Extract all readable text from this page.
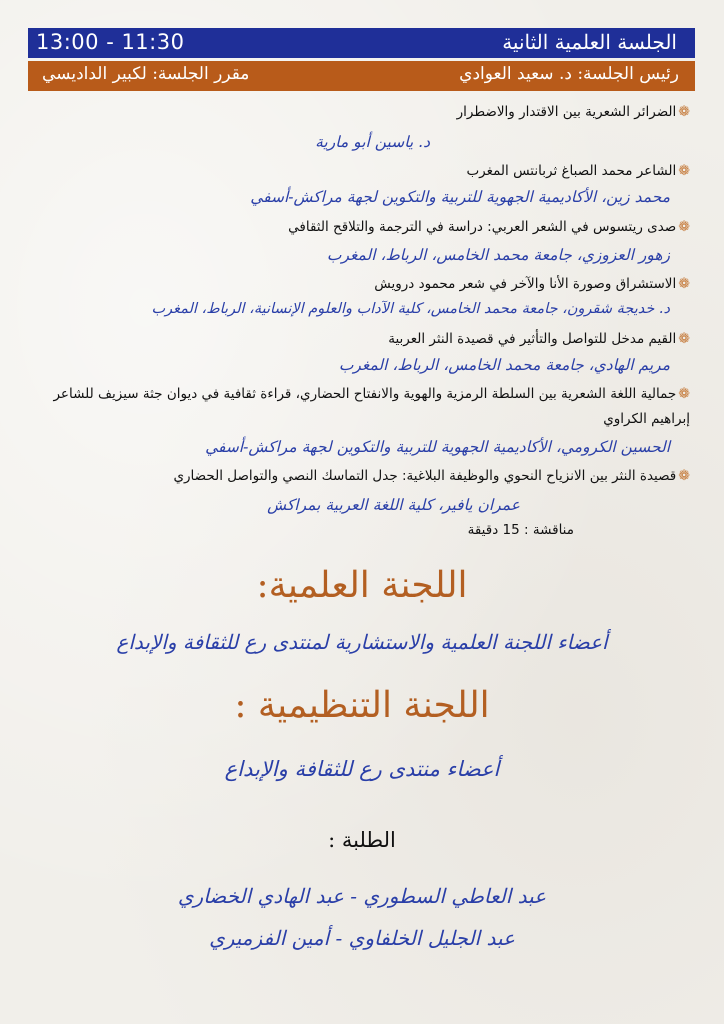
الجلسة العلمية الثانية
13:00 - 11:30
رئيس الجلسة: د. سعيد العوادي
مقرر الجلسة: لكبير الداديسي
❁الضرائر الشعرية بين الاقتدار والاضطرار
د. ياسين أبو مارية
❁الشاعر محمد الصباغ ثربانتس المغرب
محمد زين، الأكاديمية الجهوية للتربية والتكوين لجهة مراكش-أسفي
❁صدى ريتسوس في الشعر العربي: دراسة في الترجمة والتلاقح الثقافي
زهور العزوزي، جامعة محمد الخامس، الرباط، المغرب
❁الاستشراق وصورة الأنا والآخر في شعر محمود درويش
د. خديجة شقرون، جامعة محمد الخامس، كلية الآداب والعلوم الإنسانية، الرباط، المغرب
❁القيم مدخل للتواصل والتأثير في قصيدة النثر العربية
مريم الهادي، جامعة محمد الخامس، الرباط، المغرب
❁جمالية اللغة الشعرية بين السلطة الرمزية والهوية والانفتاح الحضاري، قراءة ثقافية في ديوان جثة سيزيف للشاعر إبراهيم الكراوي
الحسين الكرومي، الأكاديمية الجهوية للتربية والتكوين لجهة مراكش-أسفي
❁قصيدة النثر بين الانزياح النحوي والوظيفة البلاغية: جدل التماسك النصي والتواصل الحضاري
عمران يافير، كلية اللغة العربية بمراكش
مناقشة : 15 دقيقة
اللجنة العلمية:
أعضاء اللجنة العلمية والاستشارية لمنتدى رع للثقافة والإبداع
اللجنة التنظيمية :
أعضاء منتدى رع للثقافة والإبداع
الطلبة :
عبد العاطي السطوري - عبد الهادي الخضاري
عبد الجليل الخلفاوي - أمين الفزميري
